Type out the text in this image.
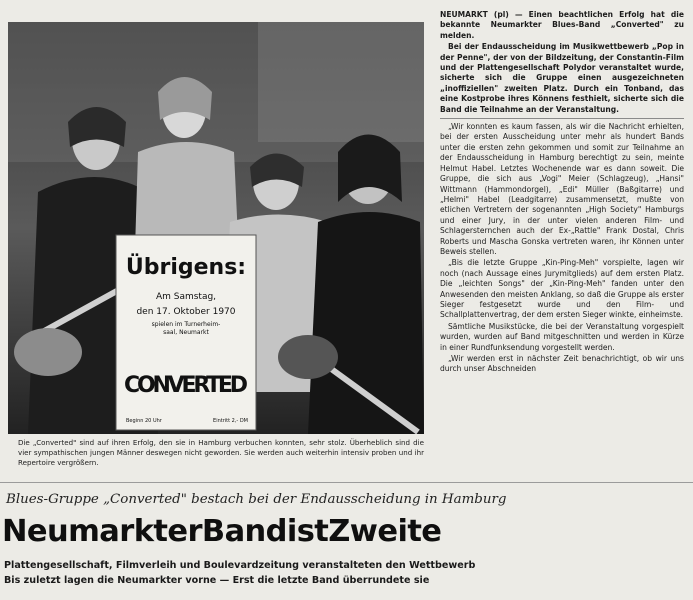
Übrigens:
Am Samstag,
den 17. Oktober 1970
spielen im Turnerheim-
saal, Neumarkt
CONVERTED
Beginn 20 Uhr	Eintritt 2,- DM
Die „Converted" sind auf ihren Erfolg, den sie in Hamburg verbuchen konnten, sehr stolz. Überheblich sind die vier sympathischen jungen Männer deswegen nicht geworden. Sie werden auch weiterhin intensiv proben und ihr Repertoire vergrößern.

NEUMARKT (pl) — Einen beachtlichen Erfolg hat die bekannte Neumarkter Blues-Band „Converted" zu melden.

Bei der Endausscheidung im Musikwettbewerb „Pop in der Penne", der von der Bildzeitung, der Constantin-Film und der Plattengesellschaft Polydor veranstaltet wurde, sicherte sich die Gruppe einen ausgezeichneten „inoffiziellen" zweiten Platz. Durch ein Tonband, das eine Kostprobe ihres Könnens festhielt, sicherte sich die Band die Teilnahme an der Veranstaltung.

„Wir konnten es kaum fassen, als wir die Nachricht erhielten, bei der ersten Ausscheidung unter mehr als hundert Bands unter die ersten zehn gekommen und somit zur Teilnahme an der Endausscheidung in Hamburg berechtigt zu sein, meinte Helmut Habel. Letztes Wochenende war es dann soweit. Die Gruppe, die sich aus „Vogi" Meier (Schlagzeug), „Hansi" Wittmann (Hammondorgel), „Edi" Müller (Baßgitarre) und „Helmi" Habel (Leadgitarre) zusammensetzt, mußte von etlichen Vertretern der sogenannten „High Society" Hamburgs und einer Jury, in der unter vielen anderen Film- und Schlagersternchen auch der Ex-„Rattle" Frank Dostal, Chris Roberts und Mascha Gonska vertreten waren, ihr Können unter Beweis stellen.

„Bis die letzte Gruppe „Kin-Ping-Meh" vorspielte, lagen wir noch (nach Aussage eines Jurymitglieds) auf dem ersten Platz. Die „leichten Songs" der „Kin-Ping-Meh" fanden unter den Anwesenden den meisten Anklang, so daß die Gruppe als erster Sieger festgesetzt wurde und den Film- und Schallplattenvertrag, der dem ersten Sieger winkte, einheimste.

Sämtliche Musikstücke, die bei der Veranstaltung vorgespielt wurden, wurden auf Band mitgeschnitten und werden in Kürze in einer Rundfunksendung vorgestellt werden.

„Wir werden erst in nächster Zeit benachrichtigt, ob wir uns durch unser Abschneiden

Blues-Gruppe „Converted" bestach bei der Endausscheidung in Hamburg
NeumarkterBandistZweite
Plattengesellschaft, Filmverleih und Boulevardzeitung veranstalteten den Wettbewerb
Bis zuletzt lagen die Neumarkter vorne — Erst die letzte Band überrundete sie
